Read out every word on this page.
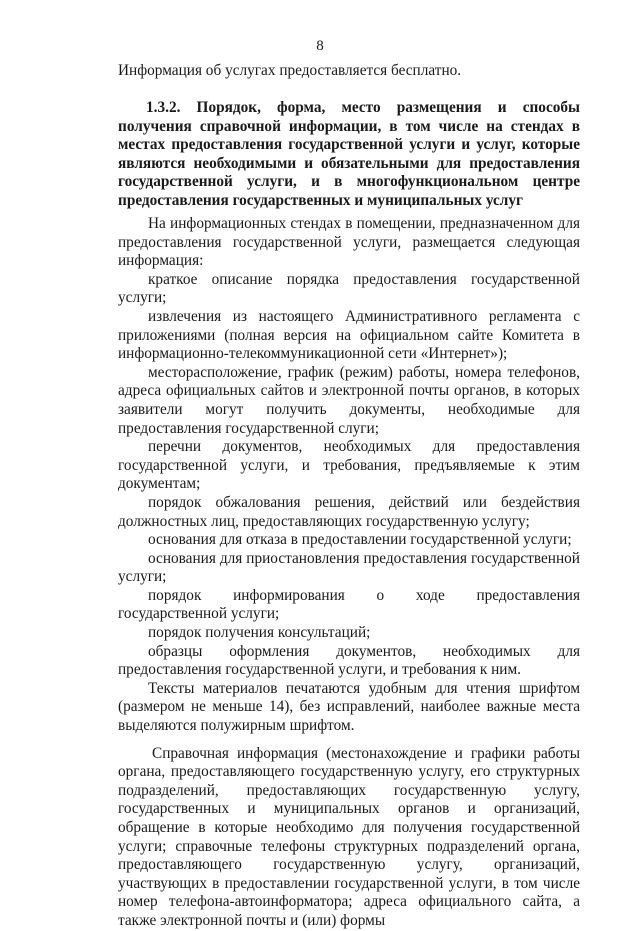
8

Информация об услугах предоставляется бесплатно.

1.3.2. Порядок, форма, место размещения и способы получения справочной информации, в том числе на стендах в местах предоставления государственной услуги и услуг, которые являются необходимыми и обязательными для предоставления государственной услуги, и в многофункциональном центре предоставления государственных и муниципальных услуг

На информационных стендах в помещении, предназначенном для предоставления государственной услуги, размещается следующая информация:

краткое описание порядка предоставления государственной услуги;

извлечения из настоящего Административного регламента с приложениями (полная версия на официальном сайте Комитета в информационно-телекоммуникационной сети «Интернет»);

месторасположение, график (режим) работы, номера телефонов, адреса официальных сайтов и электронной почты органов, в которых заявители могут получить документы, необходимые для предоставления государственной слуги;

перечни документов, необходимых для предоставления государственной услуги, и требования, предъявляемые к этим документам;

порядок обжалования решения, действий или бездействия должностных лиц, предоставляющих государственную услугу;

основания для отказа в предоставлении государственной услуги;

основания для приостановления предоставления государственной услуги;

порядок информирования о ходе предоставления государственной услуги;

порядок получения консультаций;

образцы оформления документов, необходимых для предоставления государственной услуги, и требования к ним.

Тексты материалов печатаются удобным для чтения шрифтом (размером не меньше 14), без исправлений, наиболее важные места выделяются полужирным шрифтом.

Справочная информация (местонахождение и графики работы органа, предоставляющего государственную услугу, его структурных подразделений, предоставляющих государственную услугу, государственных и муниципальных органов и организаций, обращение в которые необходимо для получения государственной услуги; справочные телефоны структурных подразделений органа, предоставляющего государственную услугу, организаций, участвующих в предоставлении государственной услуги, в том числе номер телефона-автоинформатора; адреса официального сайта, а также электронной почты и (или) формы
